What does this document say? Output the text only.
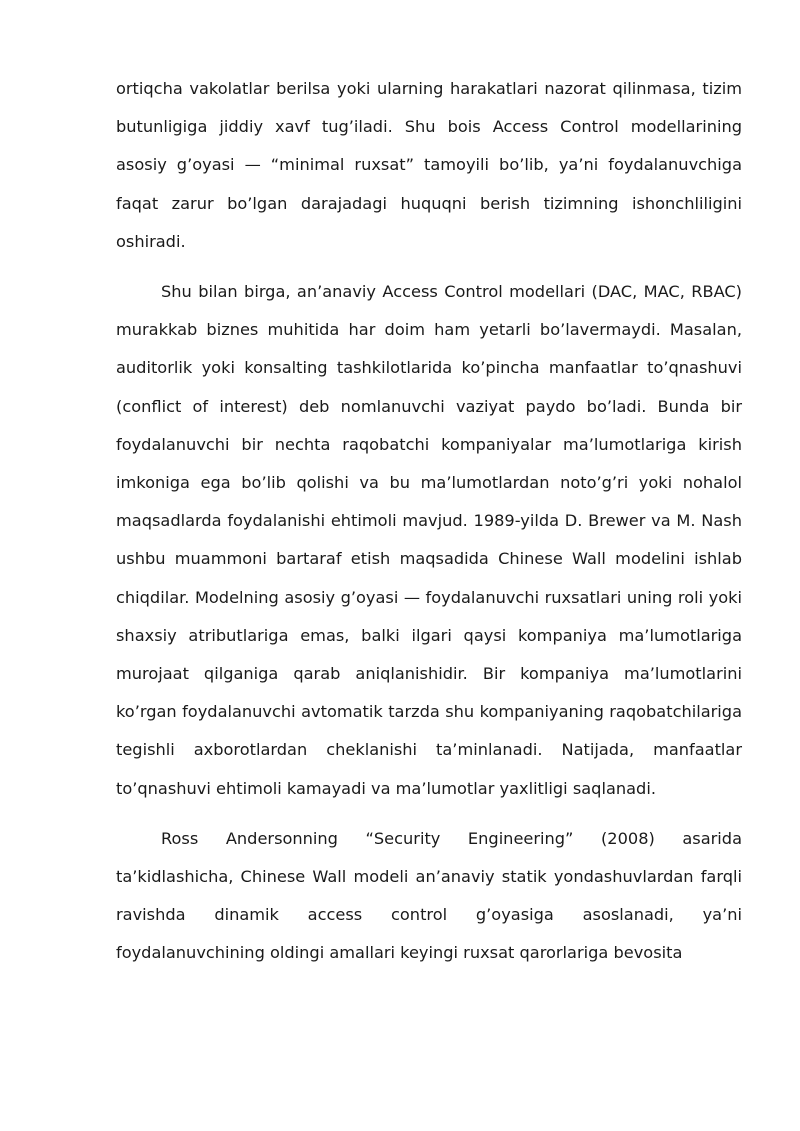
ortiqcha vakolatlar berilsa yoki ularning harakatlari nazorat qilinmasa, tizim butunligiga jiddiy xavf tug’iladi. Shu bois Access Control modellarining asosiy g’oyasi — “minimal ruxsat” tamoyili bo’lib, ya’ni foydalanuvchiga faqat zarur bo’lgan darajadagi huquqni berish tizimning ishonchliligini oshiradi.

Shu bilan birga, an’anaviy Access Control modellari (DAC, MAC, RBAC) murakkab biznes muhitida har doim ham yetarli bo’lavermaydi. Masalan, auditorlik yoki konsalting tashkilotlarida ko’pincha manfaatlar to’qnashuvi (conflict of interest) deb nomlanuvchi vaziyat paydo bo’ladi. Bunda bir foydalanuvchi bir nechta raqobatchi kompaniyalar ma’lumotlariga kirish imkoniga ega bo’lib qolishi va bu ma’lumotlardan noto’g’ri yoki nohalol maqsadlarda foydalanishi ehtimoli mavjud. 1989-yilda D. Brewer va M. Nash ushbu muammoni bartaraf etish maqsadida Chinese Wall modelini ishlab chiqdilar. Modelning asosiy g’oyasi — foydalanuvchi ruxsatlari uning roli yoki shaxsiy atributlariga emas, balki ilgari qaysi kompaniya ma’lumotlariga murojaat qilganiga qarab aniqlanishidir. Bir kompaniya ma’lumotlarini ko’rgan foydalanuvchi avtomatik tarzda shu kompaniyaning raqobatchilariga tegishli axborotlardan cheklanishi ta’minlanadi. Natijada, manfaatlar to’qnashuvi ehtimoli kamayadi va ma’lumotlar yaxlitligi saqlanadi.

Ross Andersonning “Security Engineering” (2008) asarida ta’kidlashicha, Chinese Wall modeli an’anaviy statik yondashuvlardan farqli ravishda dinamik access control g’oyasiga asoslanadi, ya’ni foydalanuvchining oldingi amallari keyingi ruxsat qarorlariga bevosita
